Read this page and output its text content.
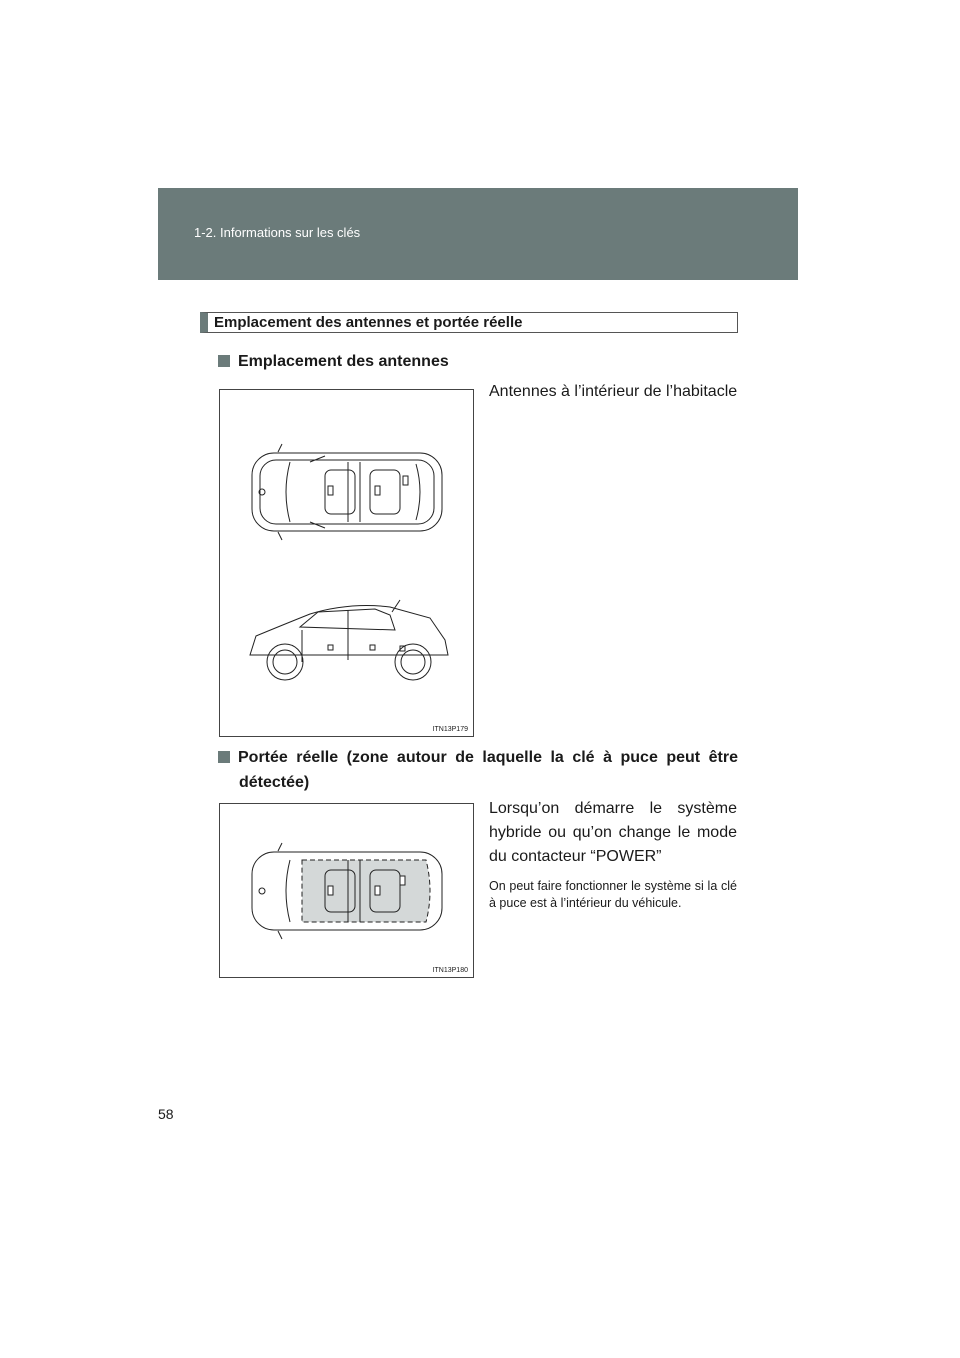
1-2. Informations sur les clés
Emplacement des antennes et portée réelle
Emplacement des antennes
ITN13P179
Antennes à l’intérieur de l’habitacle
Portée réelle (zone autour de laquelle la clé à puce peut être détectée)
ITN13P180
Lorsqu’on démarre le système hybride ou qu’on change le mode du contacteur “POWER”
On peut faire fonctionner le système si la clé à puce est à l’intérieur du véhicule.
58
